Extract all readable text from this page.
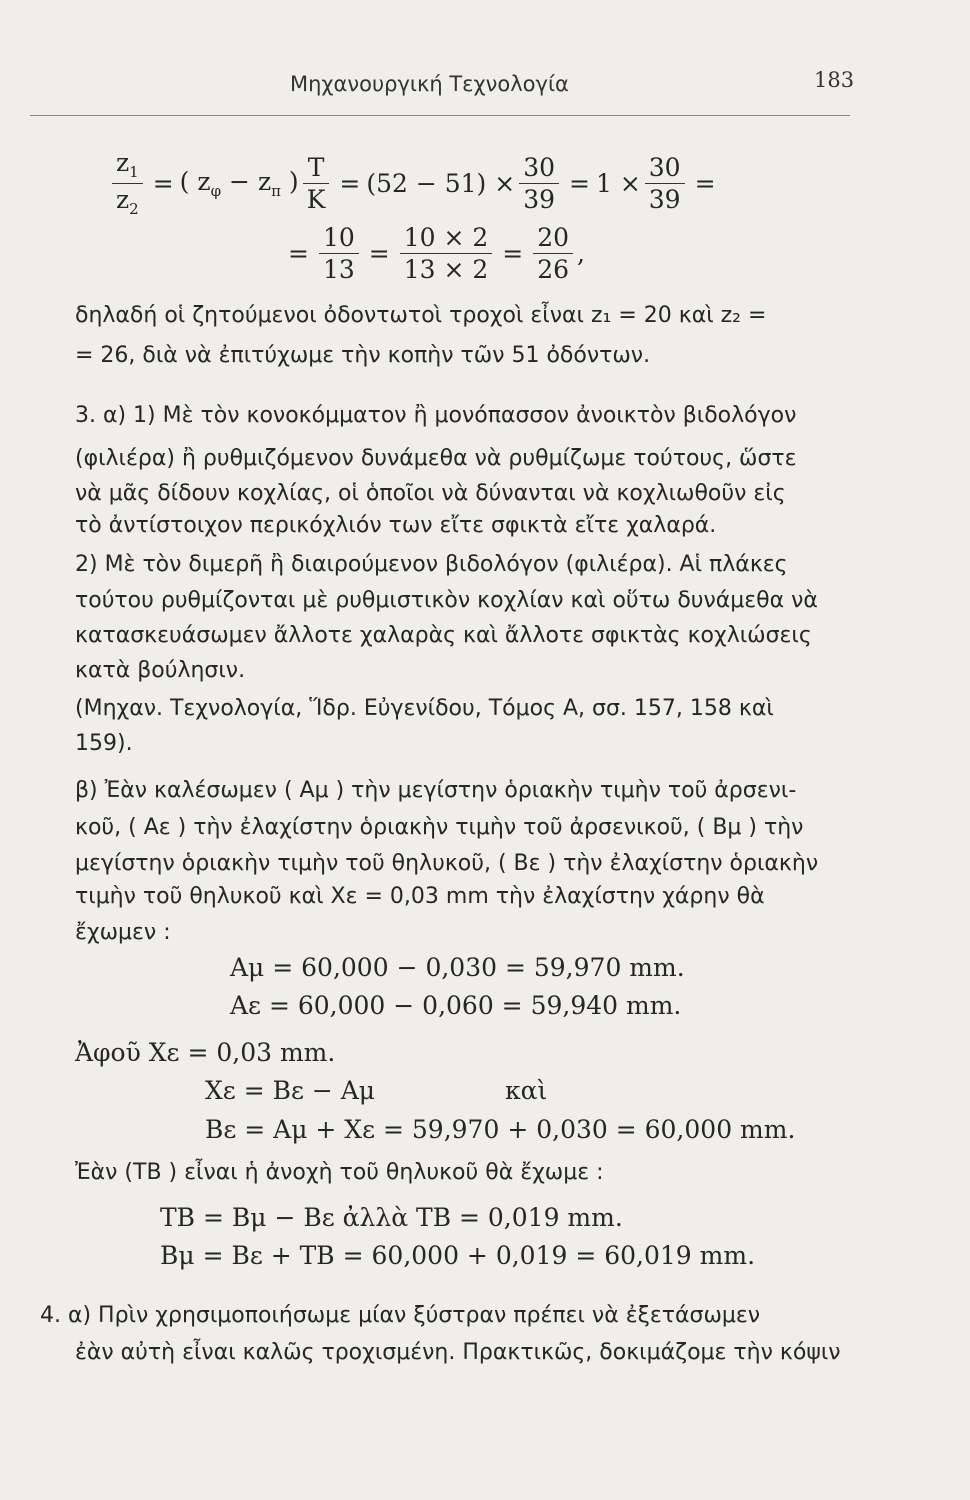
Μηχανουργική Τεχνολογία	183
$\frac{z_1}{z_2}$ = ( $z_\varphi - z_\pi$ ) $\frac{T}{K} = (52 - 51) \times \frac{30}{39} = 1 \times \frac{30}{39}$ =
= $\frac{10}{13} = \frac{10 \times 2}{13 \times 2} = \frac{20}{26}$ ,
δηλαδή οἱ ζητούμενοι ὀδοντωτοὶ τροχοὶ εἶναι z₁ = 20 καὶ z₂ =
= 26, διὰ νὰ ἐπιτύχωμε τὴν κοπὴν τῶν 51 ὀδόντων.
3. α) 1) Μὲ τὸν κονοκόμματον ἢ μονόπασσον ἀνοικτὸν βιδολόγον
(φιλιέρα) ἢ ρυθμιζόμενον δυνάμεθα νὰ ρυθμίζωμε τούτους, ὥστε
νὰ μᾶς δίδουν κοχλίας, οἱ ὁποῖοι νὰ δύνανται νὰ κοχλιωθοῦν εἰς
τὸ ἀντίστοιχον περικόχλιόν των εἴτε σφικτὰ εἴτε χαλαρά.
2) Μὲ τὸν διμερῆ ἢ διαιρούμενον βιδολόγον (φιλιέρα). Αἱ πλάκες
τούτου ρυθμίζονται μὲ ρυθμιστικὸν κοχλίαν καὶ οὕτω δυνάμεθα νὰ
κατασκευάσωμεν ἄλλοτε χαλαρὰς καὶ ἄλλοτε σφικτὰς κοχλιώσεις
κατὰ βούλησιν.
(Μηχαν. Τεχνολογία, Ἵδρ. Εὐγενίδου, Τόμος Α, σσ. 157, 158 καὶ
159).
β) Ἐὰν καλέσωμεν ( Aμ ) τὴν μεγίστην ὁριακὴν τιμὴν τοῦ ἀρσενι-
κοῦ, ( Aε ) τὴν ἐλαχίστην ὁριακὴν τιμὴν τοῦ ἀρσενικοῦ, ( Bμ ) τὴν
μεγίστην ὁριακὴν τιμὴν τοῦ θηλυκοῦ, ( Bε ) τὴν ἐλαχίστην ὁριακὴν
τιμὴν τοῦ θηλυκοῦ καὶ Xε = 0,03 mm τὴν ἐλαχίστην χάρην θὰ
ἔχωμεν :
Aμ = 60,000 − 0,030 = 59,970 mm.
Aε = 60,000 − 0,060 = 59,940 mm.
Ἀφοῦ Xε = 0,03 mm.
Xε = Bε − Aμ	καὶ
Bε = Aμ + Xε = 59,970 + 0,030 = 60,000 mm.
Ἐὰν (TB ) εἶναι ἡ ἀνοχὴ τοῦ θηλυκοῦ θὰ ἔχωμε :
TB = Bμ − Bε ἀλλὰ TB = 0,019 mm.
Bμ = Bε + TB = 60,000 + 0,019 = 60,019 mm.
4. α) Πρὶν χρησιμοποιήσωμε μίαν ξύστραν πρέπει νὰ ἐξετάσωμεν
ἐὰν αὐτὴ εἶναι καλῶς τροχισμένη. Πρακτικῶς, δοκιμάζομε τὴν κόψιν
